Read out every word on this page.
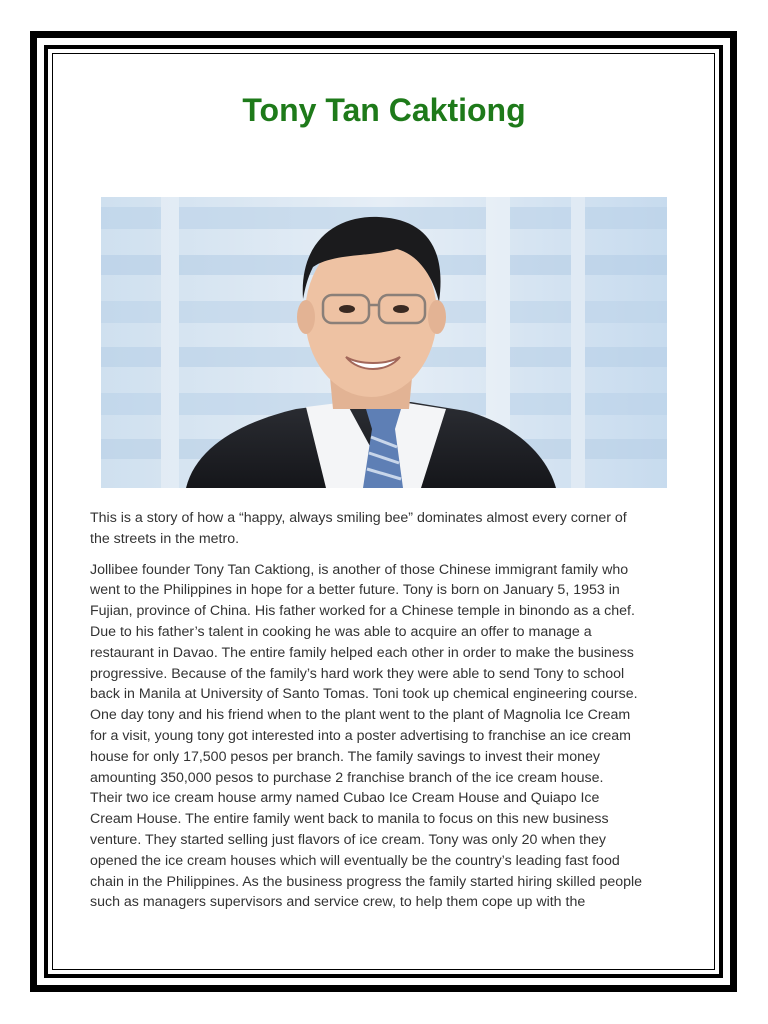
Tony Tan Caktiong

This is a story of how a “happy, always smiling bee” dominates almost every corner of
the streets in the metro.

Jollibee founder Tony Tan Caktiong, is another of those Chinese immigrant family who
went to the Philippines in hope for a better future. Tony is born on January 5, 1953 in
Fujian, province of China. His father worked for a Chinese temple in binondo as a chef.
Due to his father’s talent in cooking he was able to acquire an offer to manage a
restaurant in Davao. The entire family helped each other in order to make the business
progressive. Because of the family’s hard work they were able to send Tony to school
back in Manila at University of Santo Tomas. Toni took up chemical engineering course.
One day tony and his friend when to the plant went to the plant of Magnolia Ice Cream
for a visit, young tony got interested into a poster advertising to franchise an ice cream
house for only 17,500 pesos per branch. The family savings to invest their money
amounting 350,000 pesos to purchase 2 franchise branch of the ice cream house.
Their two ice cream house army named Cubao Ice Cream House and Quiapo Ice
Cream House. The entire family went back to manila to focus on this new business
venture. They started selling just flavors of ice cream. Tony was only 20 when they
opened the ice cream houses which will eventually be the country’s leading fast food
chain in the Philippines. As the business progress the family started hiring skilled people
such as managers supervisors and service crew, to help them cope up with the
